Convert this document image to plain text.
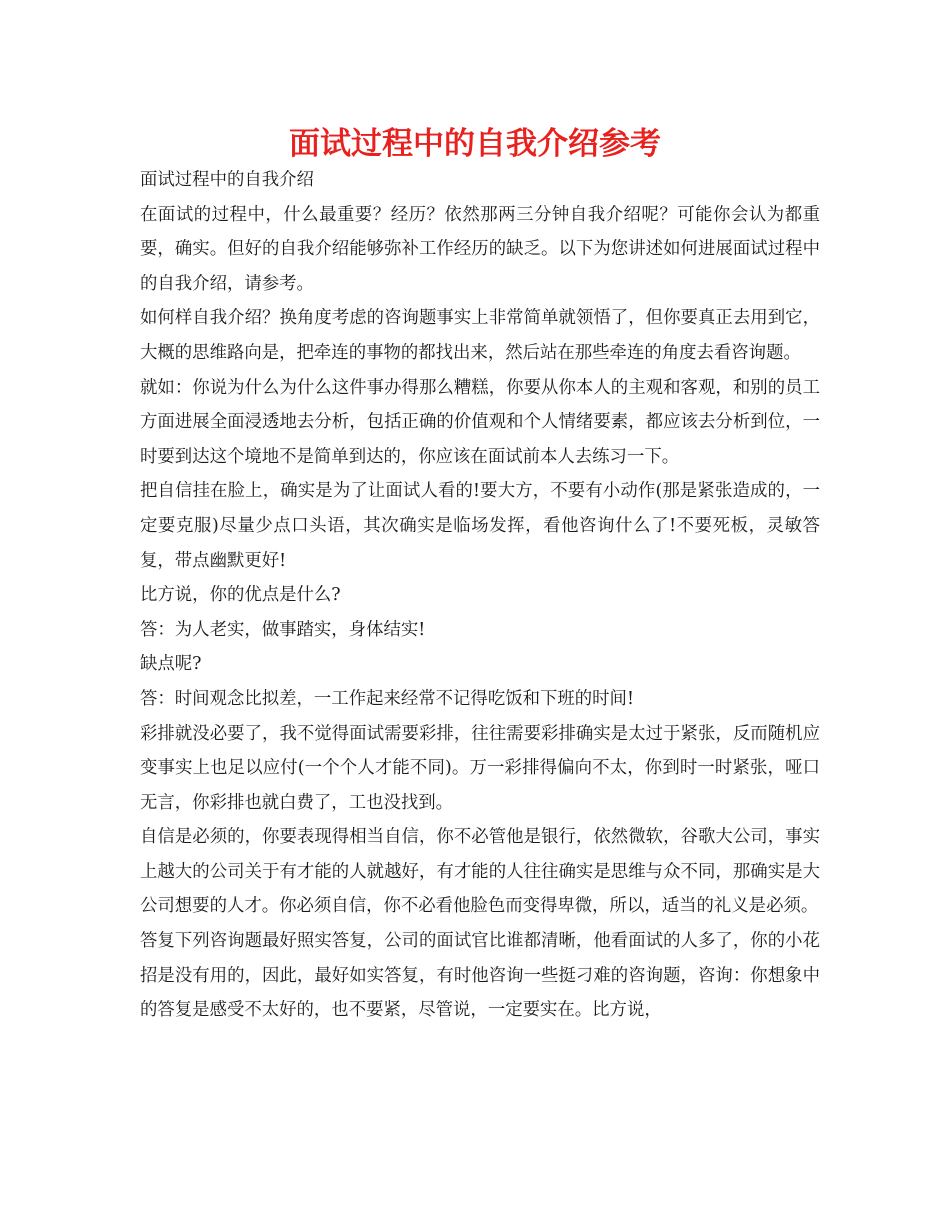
面试过程中的自我介绍参考

面试过程中的自我介绍

在面试的过程中，什么最重要？经历？依然那两三分钟自我介绍呢？可能你会认为都重要，确实。但好的自我介绍能够弥补工作经历的缺乏。以下为您讲述如何进展面试过程中的自我介绍，请参考。

如何样自我介绍？换角度考虑的咨询题事实上非常简单就领悟了，但你要真正去用到它，大概的思维路向是，把牵连的事物的都找出来，然后站在那些牵连的角度去看咨询题。

就如：你说为什么为什么这件事办得那么糟糕，你要从你本人的主观和客观，和别的员工方面进展全面浸透地去分析，包括正确的价值观和个人情绪要素，都应该去分析到位，一时要到达这个境地不是简单到达的，你应该在面试前本人去练习一下。

把自信挂在脸上，确实是为了让面试人看的!要大方，不要有小动作(那是紧张造成的，一定要克服)尽量少点口头语，其次确实是临场发挥，看他咨询什么了!不要死板，灵敏答复，带点幽默更好!

比方说，你的优点是什么?

答：为人老实，做事踏实，身体结实!

缺点呢?

答：时间观念比拟差，一工作起来经常不记得吃饭和下班的时间!

彩排就没必要了，我不觉得面试需要彩排，往往需要彩排确实是太过于紧张，反而随机应变事实上也足以应付(一个个人才能不同)。万一彩排得偏向不太，你到时一时紧张，哑口无言，你彩排也就白费了，工也没找到。

自信是必须的，你要表现得相当自信，你不必管他是银行，依然微软，谷歌大公司，事实上越大的公司关于有才能的人就越好，有才能的人往往确实是思维与众不同，那确实是大公司想要的人才。你必须自信，你不必看他脸色而变得卑微，所以，适当的礼义是必须。

答复下列咨询题最好照实答复，公司的面试官比谁都清晰，他看面试的人多了，你的小花招是没有用的，因此，最好如实答复，有时他咨询一些挺刁难的咨询题，咨询：你想象中的答复是感受不太好的，也不要紧，尽管说，一定要实在。比方说，
